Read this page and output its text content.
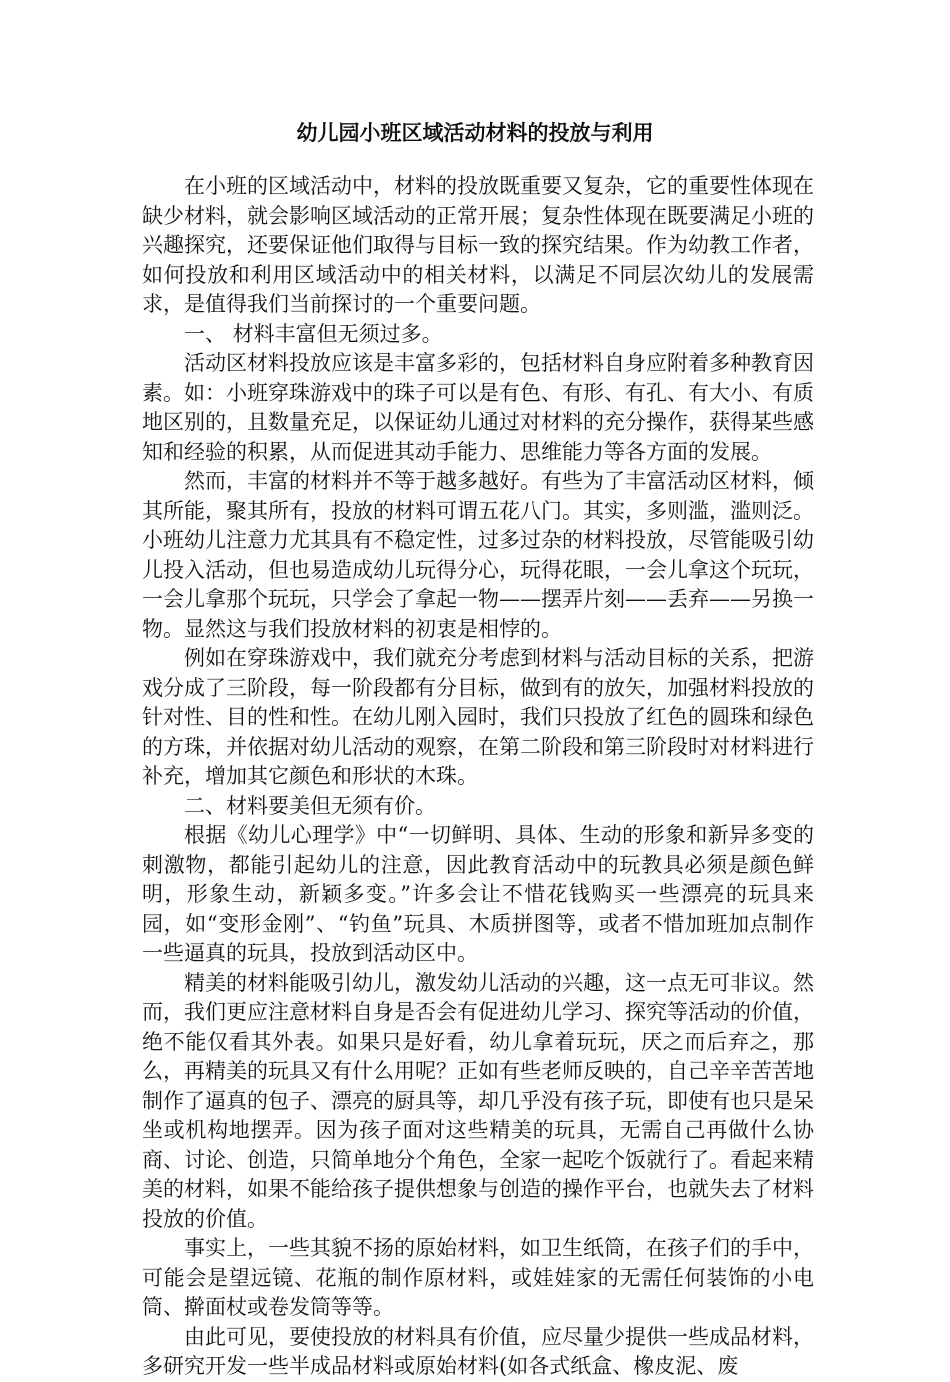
幼儿园小班区域活动材料的投放与利用

在小班的区域活动中，材料的投放既重要又复杂，它的重要性体现在缺少材料，就会影响区域活动的正常开展；复杂性体现在既要满足小班的兴趣探究，还要保证他们取得与目标一致的探究结果。作为幼教工作者，如何投放和利用区域活动中的相关材料，以满足不同层次幼儿的发展需求，是值得我们当前探讨的一个重要问题。

一、 材料丰富但无须过多。

活动区材料投放应该是丰富多彩的，包括材料自身应附着多种教育因素。如：小班穿珠游戏中的珠子可以是有色、有形、有孔、有大小、有质地区别的，且数量充足，以保证幼儿通过对材料的充分操作，获得某些感知和经验的积累，从而促进其动手能力、思维能力等各方面的发展。

然而，丰富的材料并不等于越多越好。有些为了丰富活动区材料，倾其所能，聚其所有，投放的材料可谓五花八门。其实，多则滥，滥则泛。小班幼儿注意力尤其具有不稳定性，过多过杂的材料投放，尽管能吸引幼儿投入活动，但也易造成幼儿玩得分心，玩得花眼，一会儿拿这个玩玩，一会儿拿那个玩玩，只学会了拿起一物——摆弄片刻——丢弃——另换一物。显然这与我们投放材料的初衷是相悖的。

例如在穿珠游戏中，我们就充分考虑到材料与活动目标的关系，把游戏分成了三阶段，每一阶段都有分目标，做到有的放矢，加强材料投放的针对性、目的性和性。在幼儿刚入园时，我们只投放了红色的圆珠和绿色的方珠，并依据对幼儿活动的观察，在第二阶段和第三阶段时对材料进行补充，增加其它颜色和形状的木珠。

二、材料要美但无须有价。

根据《幼儿心理学》中“一切鲜明、具体、生动的形象和新异多变的刺激物，都能引起幼儿的注意，因此教育活动中的玩教具必须是颜色鲜明，形象生动，新颖多变。”许多会让不惜花钱购买一些漂亮的玩具来园，如“变形金刚”、“钓鱼”玩具、木质拼图等，或者不惜加班加点制作一些逼真的玩具，投放到活动区中。

精美的材料能吸引幼儿，激发幼儿活动的兴趣，这一点无可非议。然而，我们更应注意材料自身是否会有促进幼儿学习、探究等活动的价值，绝不能仅看其外表。如果只是好看，幼儿拿着玩玩，厌之而后弃之，那么，再精美的玩具又有什么用呢？正如有些老师反映的，自己辛辛苦苦地制作了逼真的包子、漂亮的厨具等，却几乎没有孩子玩，即使有也只是呆坐或机构地摆弄。因为孩子面对这些精美的玩具，无需自己再做什么协商、讨论、创造，只简单地分个角色，全家一起吃个饭就行了。看起来精美的材料，如果不能给孩子提供想象与创造的操作平台，也就失去了材料投放的价值。

事实上，一些其貌不扬的原始材料，如卫生纸筒，在孩子们的手中，可能会是望远镜、花瓶的制作原材料，或娃娃家的无需任何装饰的小电筒、擀面杖或卷发筒等等。

由此可见，要使投放的材料具有价值，应尽量少提供一些成品材料，多研究开发一些半成品材料或原始材料(如各式纸盒、橡皮泥、废
